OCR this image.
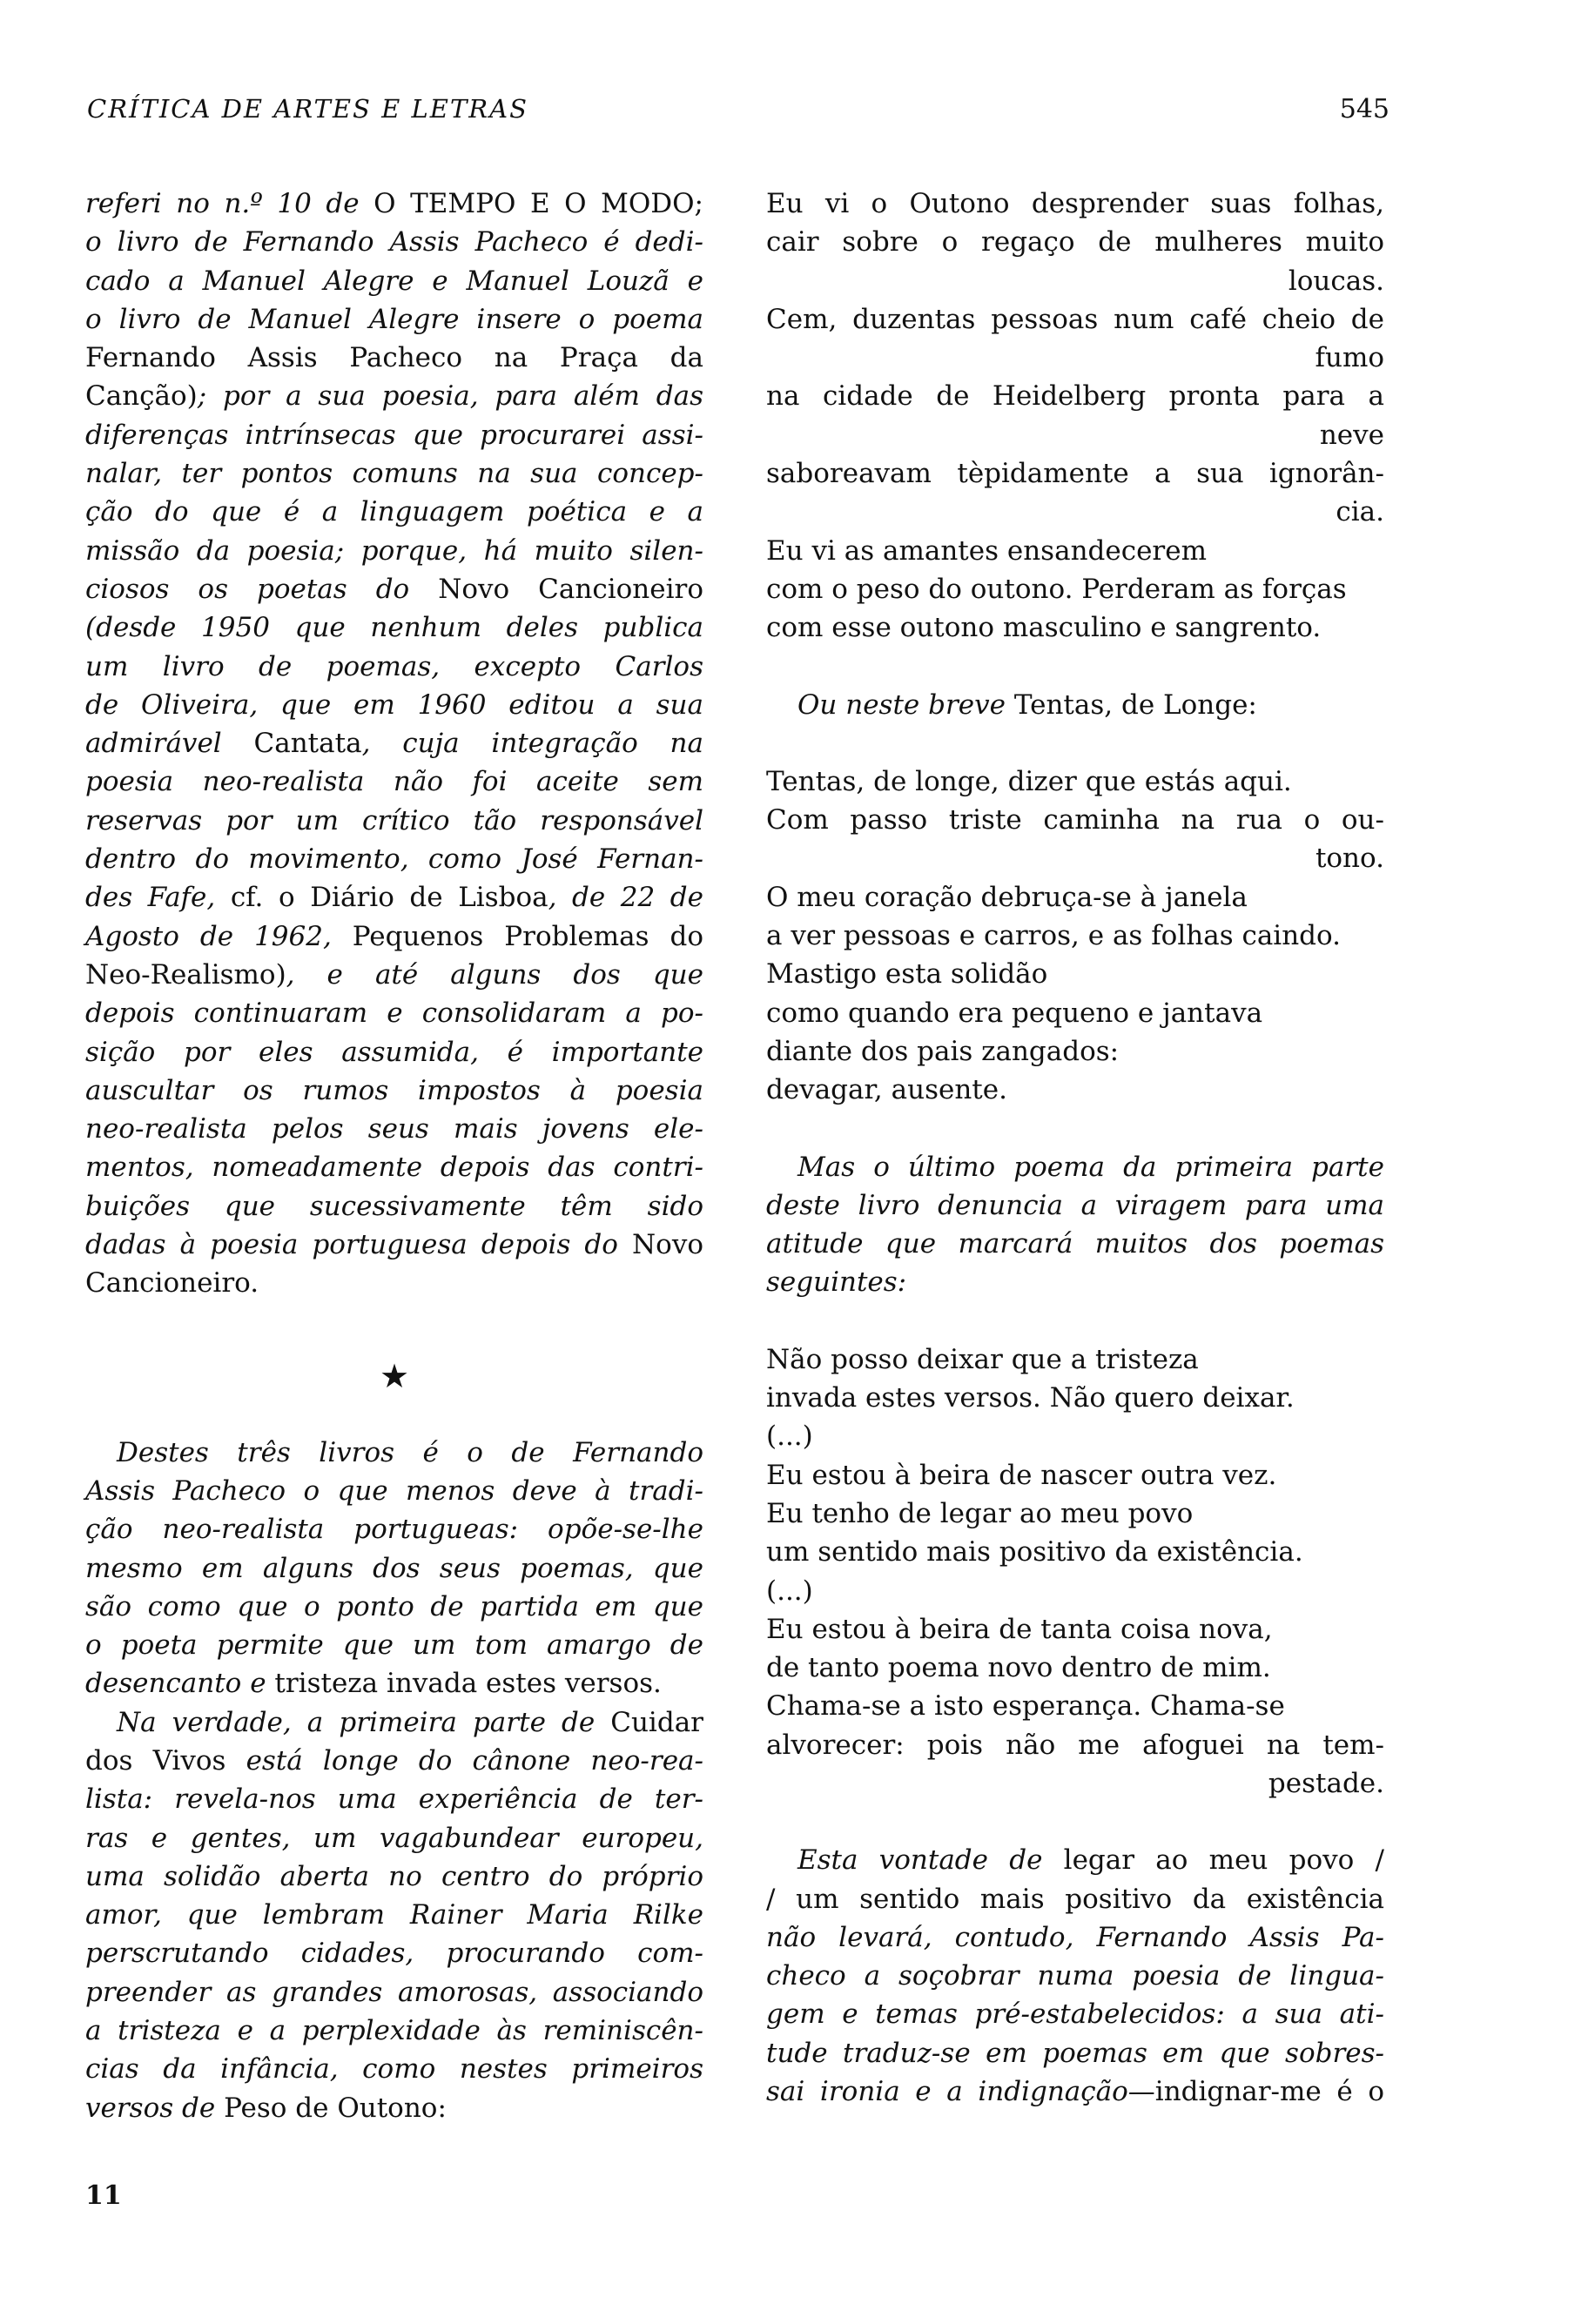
CRÍTICA DE ARTES E LETRAS	545
referi no n.º 10 de O TEMPO E O MODO;
o livro de Fernando Assis Pacheco é dedi-
cado a Manuel Alegre e Manuel Louzã e
o livro de Manuel Alegre insere o poema
Fernando Assis Pacheco na Praça da
Canção); por a sua poesia, para além das
diferenças intrínsecas que procurarei assi-
nalar, ter pontos comuns na sua concep-
ção do que é a linguagem poética e a
missão da poesia; porque, há muito silen-
ciosos os poetas do Novo Cancioneiro
(desde 1950 que nenhum deles publica
um livro de poemas, excepto Carlos
de Oliveira, que em 1960 editou a sua
admirável Cantata, cuja integração na
poesia neo-realista não foi aceite sem
reservas por um crítico tão responsável
dentro do movimento, como José Fernan-
des Fafe, cf. o Diário de Lisboa, de 22 de
Agosto de 1962, Pequenos Problemas do
Neo-Realismo), e até alguns dos que
depois continuaram e consolidaram a po-
sição por eles assumida, é importante
auscultar os rumos impostos à poesia
neo-realista pelos seus mais jovens ele-
mentos, nomeadamente depois das contri-
buições que sucessivamente têm sido
dadas à poesia portuguesa depois do Novo
Cancioneiro.
★
Destes três livros é o de Fernando
Assis Pacheco o que menos deve à tradi-
ção neo-realista portugueas: opõe-se-lhe
mesmo em alguns dos seus poemas, que
são como que o ponto de partida em que
o poeta permite que um tom amargo de
desencanto e tristeza invada estes versos.
Na verdade, a primeira parte de Cuidar
dos Vivos está longe do cânone neo-rea-
lista: revela-nos uma experiência de ter-
ras e gentes, um vagabundear europeu,
uma solidão aberta no centro do próprio
amor, que lembram Rainer Maria Rilke
perscrutando cidades, procurando com-
preender as grandes amorosas, associando
a tristeza e a perplexidade às reminiscên-
cias da infância, como nestes primeiros
versos de Peso de Outono:
Eu vi o Outono desprender suas folhas,
cair sobre o regaço de mulheres muito
loucas.
Cem, duzentas pessoas num café cheio de
fumo
na cidade de Heidelberg pronta para a
neve
saboreavam tèpidamente a sua ignorân-
cia.
Eu vi as amantes ensandecerem
com o peso do outono. Perderam as forças
com esse outono masculino e sangrento.
Ou neste breve Tentas, de Longe:
Tentas, de longe, dizer que estás aqui.
Com passo triste caminha na rua o ou-
tono.
O meu coração debruça-se à janela
a ver pessoas e carros, e as folhas caindo.
Mastigo esta solidão
como quando era pequeno e jantava
diante dos pais zangados:
devagar, ausente.
Mas o último poema da primeira parte
deste livro denuncia a viragem para uma
atitude que marcará muitos dos poemas
seguintes:
Não posso deixar que a tristeza
invada estes versos. Não quero deixar.
(...)
Eu estou à beira de nascer outra vez.
Eu tenho de legar ao meu povo
um sentido mais positivo da existência.
(...)
Eu estou à beira de tanta coisa nova,
de tanto poema novo dentro de mim.
Chama-se a isto esperança. Chama-se
alvorecer: pois não me afoguei na tem-
pestade.
Esta vontade de legar ao meu povo /
/ um sentido mais positivo da existência
não levará, contudo, Fernando Assis Pa-
checo a soçobrar numa poesia de lingua-
gem e temas pré-estabelecidos: a sua ati-
tude traduz-se em poemas em que sobres-
sai ironia e a indignação—indignar-me é o
11
